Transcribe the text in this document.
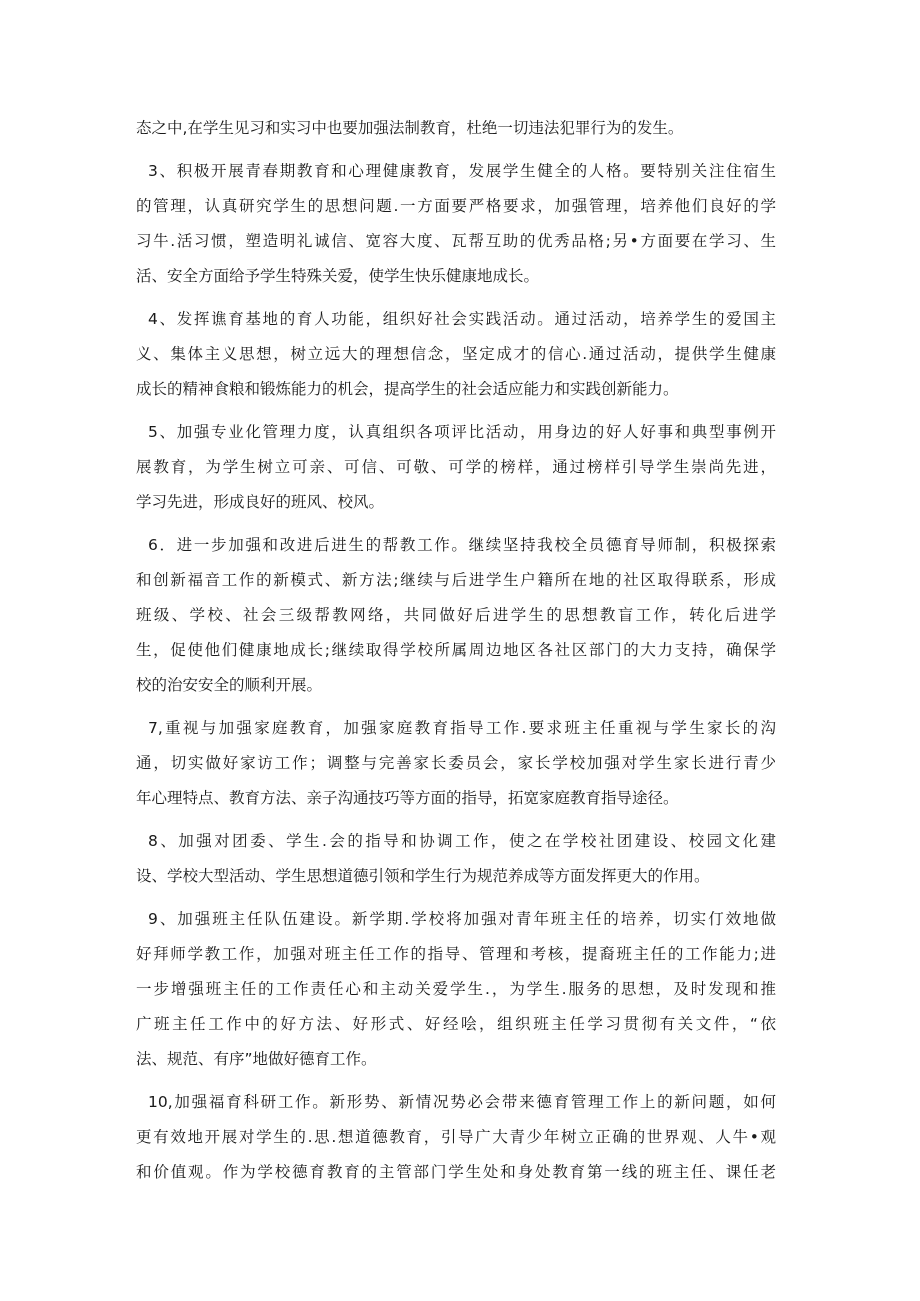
态之中,在学生见习和实习中也要加强法制教育，杜绝一切违法犯罪行为的发生。
3、积极开展青春期教育和心理健康教育，发展学生健全的人格。要特别关注住宿生
的管理，认真研究学生的思想问题.一方面要严格要求，加强管理，培养他们良好的学
习牛.活习惯，塑造明礼诚信、宽容大度、瓦帮互助的优秀品格;另•方面要在学习、生
活、安全方面给予学生特殊关爱，使学生快乐健康地成长。
4、发挥谯育基地的育人功能，组织好社会实践活动。通过活动，培养学生的爱国主
义、集体主义思想，树立远大的理想信念，坚定成才的信心.通过活动，提供学生健康
成长的精神食粮和锻炼能力的机会，提高学生的社会适应能力和实践创新能力。
5、加强专业化管理力度，认真组织各项评比活动，用身边的好人好事和典型事例开
展教育，为学生树立可亲、可信、可敬、可学的榜样，通过榜样引导学生崇尚先进，
学习先进，形成良好的班风、校风。
6．进一步加强和改进后进生的帮教工作。继续坚持我校全员德育导师制，积极探索
和创新福音工作的新模式、新方法;继续与后进学生户籍所在地的社区取得联系，形成
班级、学校、社会三级帮教网络，共同做好后进学生的思想教盲工作，转化后进学
生，促使他们健康地成长;继续取得学校所属周边地区各社区部门的大力支持，确保学
校的治安安全的顺利开展。
7,重视与加强家庭教育，加强家庭教育指导工作.要求班主任重视与学生家长的沟
通，切实做好家访工作；调整与完善家长委员会，家长学校加强对学生家长进行青少
年心理特点、教育方法、亲子沟通技巧等方面的指导，拓宽家庭教育指导途径。
8、加强对团委、学生.会的指导和协调工作，使之在学校社团建设、校园文化建
设、学校大型活动、学生思想道德引领和学生行为规范养成等方面发挥更大的作用。
9、加强班主任队伍建设。新学期.学校将加强对青年班主任的培养，切实仃效地做
好拜师学教工作，加强对班主任工作的指导、管理和考核，提裔班主任的工作能力;进
一步增强班主任的工作责任心和主动关爱学生.，为学生.服务的思想，及时发现和推
广班主任工作中的好方法、好形式、好经哙，组织班主任学习贯彻有关文件，“依
法、规范、有序”地做好德育工作。
10,加强福育科研工作。新形势、新情况势必会带来德育管理工作上的新问题，如何
更有效地开展对学生的.思.想道德教育，引导广大青少年树立正确的世界观、人牛•观
和价值观。作为学校德育教育的主管部门学生处和身处教育第一线的班主任、课任老
